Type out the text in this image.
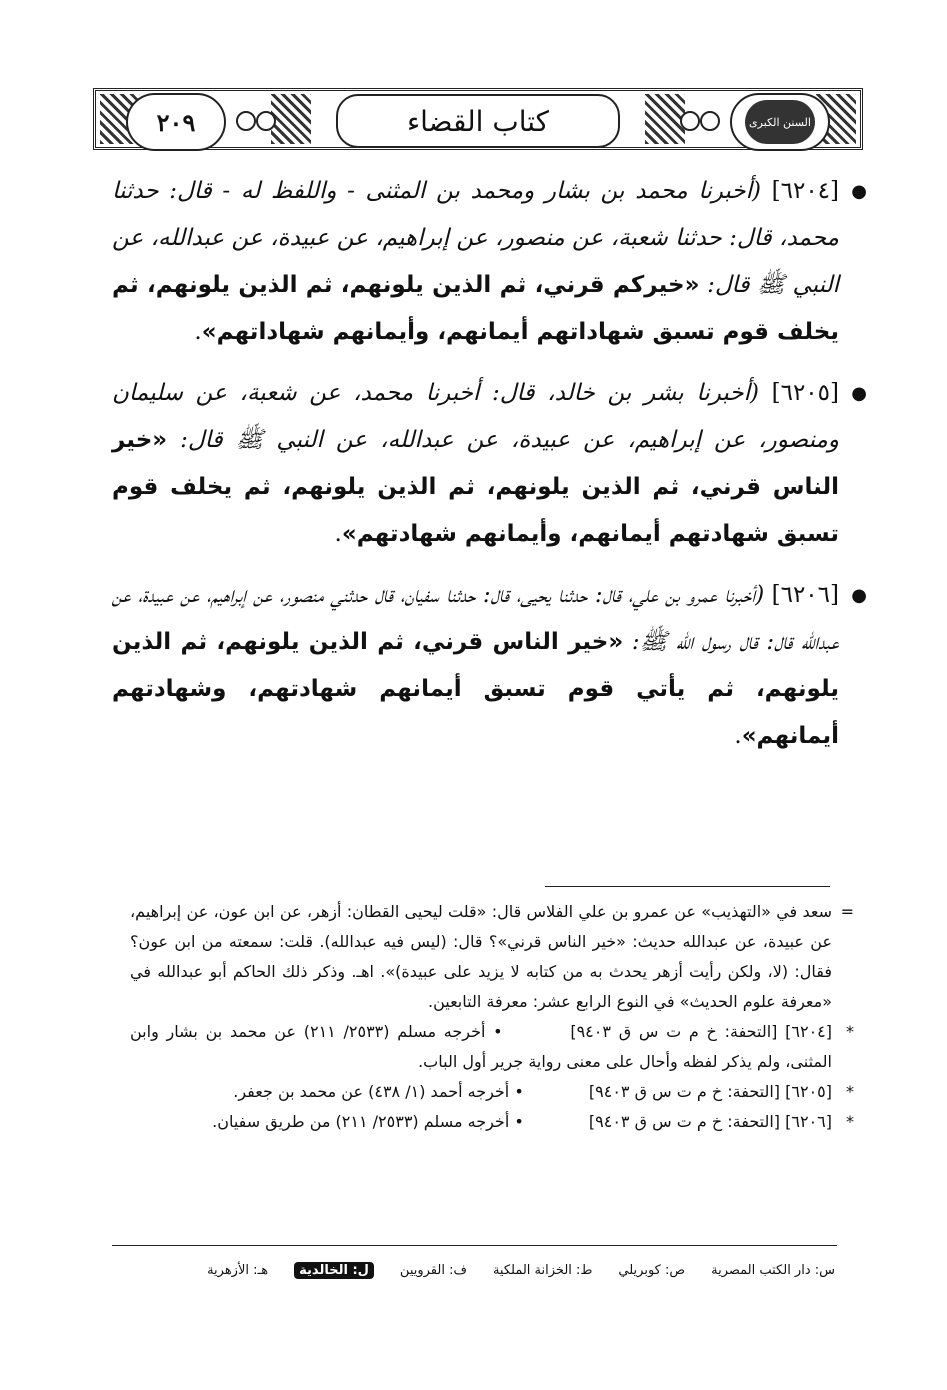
٢٠٩	كتاب القضاء	السنن الكبرى
●
[٦٢٠٤] (أخبرنا محمد بن بشار ومحمد بن المثنى - واللفظ له - قال: حدثنا محمد، قال: حدثنا شعبة، عن منصور، عن إبراهيم، عن عبيدة، عن عبدالله، عن النبي ﷺ قال: «خيركم قرني، ثم الذين يلونهم، ثم الذين يلونهم، ثم يخلف قوم تسبق شهاداتهم أيمانهم، وأيمانهم شهاداتهم».
●
[٦٢٠٥] (أخبرنا بشر بن خالد، قال: أخبرنا محمد، عن شعبة، عن سليمان ومنصور، عن إبراهيم، عن عبيدة، عن عبدالله، عن النبي ﷺ قال: «خير الناس قرني، ثم الذين يلونهم، ثم الذين يلونهم، ثم يخلف قوم تسبق شهادتهم أيمانهم، وأيمانهم شهادتهم».
●
[٦٢٠٦] (أخبرنا عمرو بن علي، قال: حدثنا يحيى، قال: حدثنا سفيان، قال حدثني منصور، عن إبراهيم، عن عبيدة، عن عبدالله قال: قال رسول الله ﷺ: «خير الناس قرني، ثم الذين يلونهم، ثم الذين يلونهم، ثم يأتي قوم تسبق أيمانهم شهادتهم، وشهادتهم أيمانهم».
=
سعد في «التهذيب» عن عمرو بن علي الفلاس قال: «قلت ليحيى القطان: أزهر، عن ابن عون، عن إبراهيم، عن عبيدة، عن عبدالله حديث: «خير الناس قرني»؟ قال: (ليس فيه عبدالله). قلت: سمعته من ابن عون؟ فقال: (لا، ولكن رأيت أزهر يحدث به من كتابه لا يزيد على عبيدة)». اهـ. وذكر ذلك الحاكم أبو عبدالله في «معرفة علوم الحديث» في النوع الرابع عشر: معرفة التابعين.
*
[٦٢٠٤] [التحفة: خ م ت س ق ٩٤٠٣] • أخرجه مسلم (٢٥٣٣/ ٢١١) عن محمد بن بشار وابن المثنى، ولم يذكر لفظه وأحال على معنى رواية جرير أول الباب.
*
[٦٢٠٥] [التحفة: خ م ت س ق ٩٤٠٣] • أخرجه أحمد (١/ ٤٣٨) عن محمد بن جعفر.
*
[٦٢٠٦] [التحفة: خ م ت س ق ٩٤٠٣] • أخرجه مسلم (٢٥٣٣/ ٢١١) من طريق سفيان.
س: دار الكتب المصرية
ص: كوبريلي
ط: الخزانة الملكية
ف: القرويين
ل: الخالدية
هـ: الأزهرية
